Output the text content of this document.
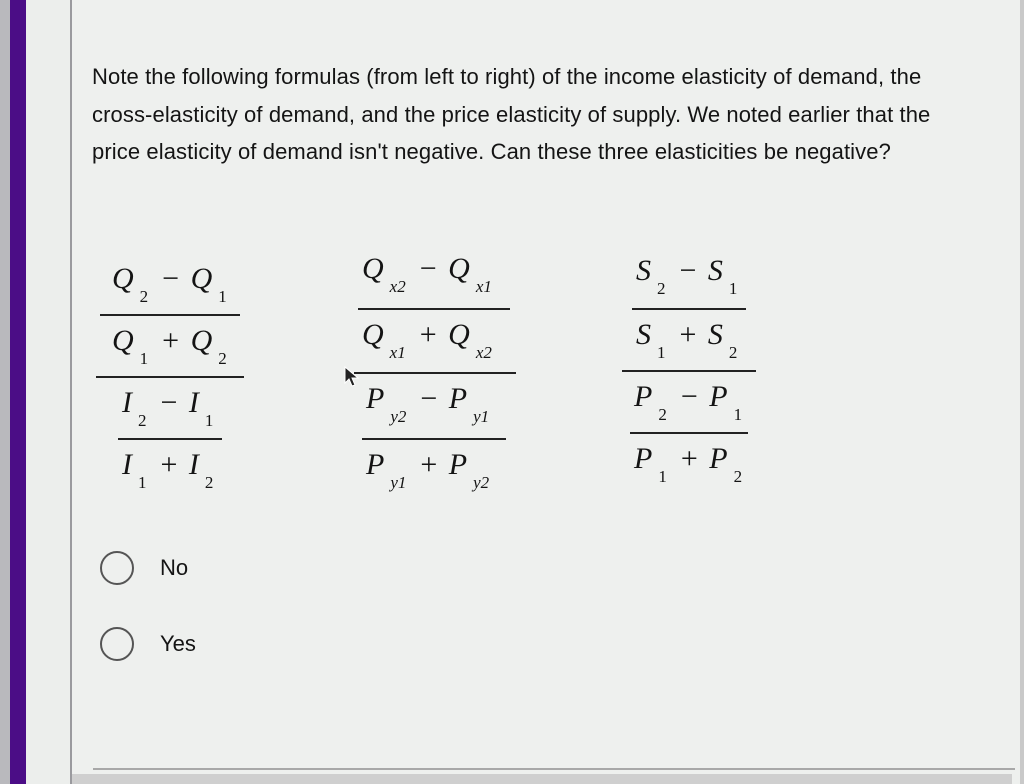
Note the following formulas (from left to right) of the income elasticity of demand, the cross-elasticity of demand, and the price elasticity of supply. We noted earlier that the price elasticity of demand isn't negative. Can these three elasticities be negative?
$Q_2- Q_1$
$Q_1+ Q_2$
$I_2- I_1$
$I_1+ I_2$
$Q_{x2}- Q_{x1}$
$Q_{x1}+ Q_{x2}$
$P_{y2}- P_{y1}$
$P_{y1}+ P_{y2}$
$S_2- S_1$
$S_1+ S_2$
$P_2- P_1$
$P_1+ P_2$
No
Yes
